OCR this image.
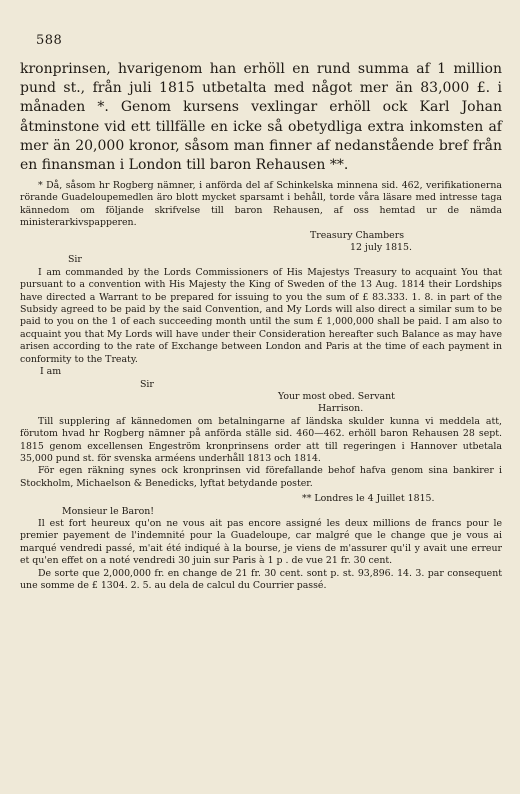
588

kronprinsen, hvarigenom han erhöll en rund summa af 1 million pund st., från juli 1815 utbetalta med något mer än 83,000 £. i månaden *. Genom kursens vexlingar erhöll ock Karl Johan åtminstone vid ett tillfälle en icke så obetydliga extra inkomsten af mer än 20,000 kronor, såsom man finner af nedanstående bref från en finansman i London till baron Rehausen **.

* Då, såsom hr Rogberg nämner, i anförda del af Schinkelska minnena sid. 462, verifikationerna rörande Guadeloupemedlen äro blott mycket sparsamt i behåll, torde våra läsare med intresse taga kännedom om följande skrifvelse till baron Rehausen, af oss hemtad ur de nämda ministerarkivspapperen.

Treasury Chambers

12 july 1815.

Sir

I am commanded by the Lords Commissioners of His Majestys Treasury to acquaint You that pursuant to a convention with His Majesty the King of Sweden of the 13 Aug. 1814 their Lordships have directed a Warrant to be prepared for issuing to you the sum of £ 83.333. 1. 8. in part of the Subsidy agreed to be paid by the said Convention, and My Lords will also direct a similar sum to be paid to you on the 1 of each succeeding month until the sum £ 1,000,000 shall be paid. I am also to acquaint you that My Lords will have under their Consideration hereafter such Balance as may have arisen according to the rate of Exchange between London and Paris at the time of each payment in conformity to the Treaty.

I am

Sir

Your most obed. Servant

Harrison.

Till supplering af kännedomen om betalningarne af ländska skulder kunna vi meddela att, förutom hvad hr Rogberg nämner på anförda ställe sid. 460—462. erhöll baron Rehausen 28 sept. 1815 genom excellensen Engeström kronprinsens order att till regeringen i Hannover utbetala 35,000 pund st. för svenska arméens underhåll 1813 och 1814.

För egen räkning synes ock kronprinsen vid förefallande behof hafva genom sina bankirer i Stockholm, Michaelson & Benedicks, lyftat betydande poster.

** Londres le 4 Juillet 1815.

Monsieur le Baron!

Il est fort heureux qu'on ne vous ait pas encore assigné les deux millions de francs pour le premier payement de l'indemnité pour la Guadeloupe, car malgré que le change que je vous ai marqué vendredi passé, m'ait été indiqué à la bourse, je viens de m'assurer qu'il y avait une erreur et qu'en effet on a noté vendredi 30 juin sur Paris à 1 p . de vue 21 fr. 30 cent.

De sorte que 2,000,000 fr. en change de 21 fr. 30 cent. sont p. st. 93,896. 14. 3. par consequent une somme de £ 1304. 2. 5. au dela de calcul du Courrier passé.
